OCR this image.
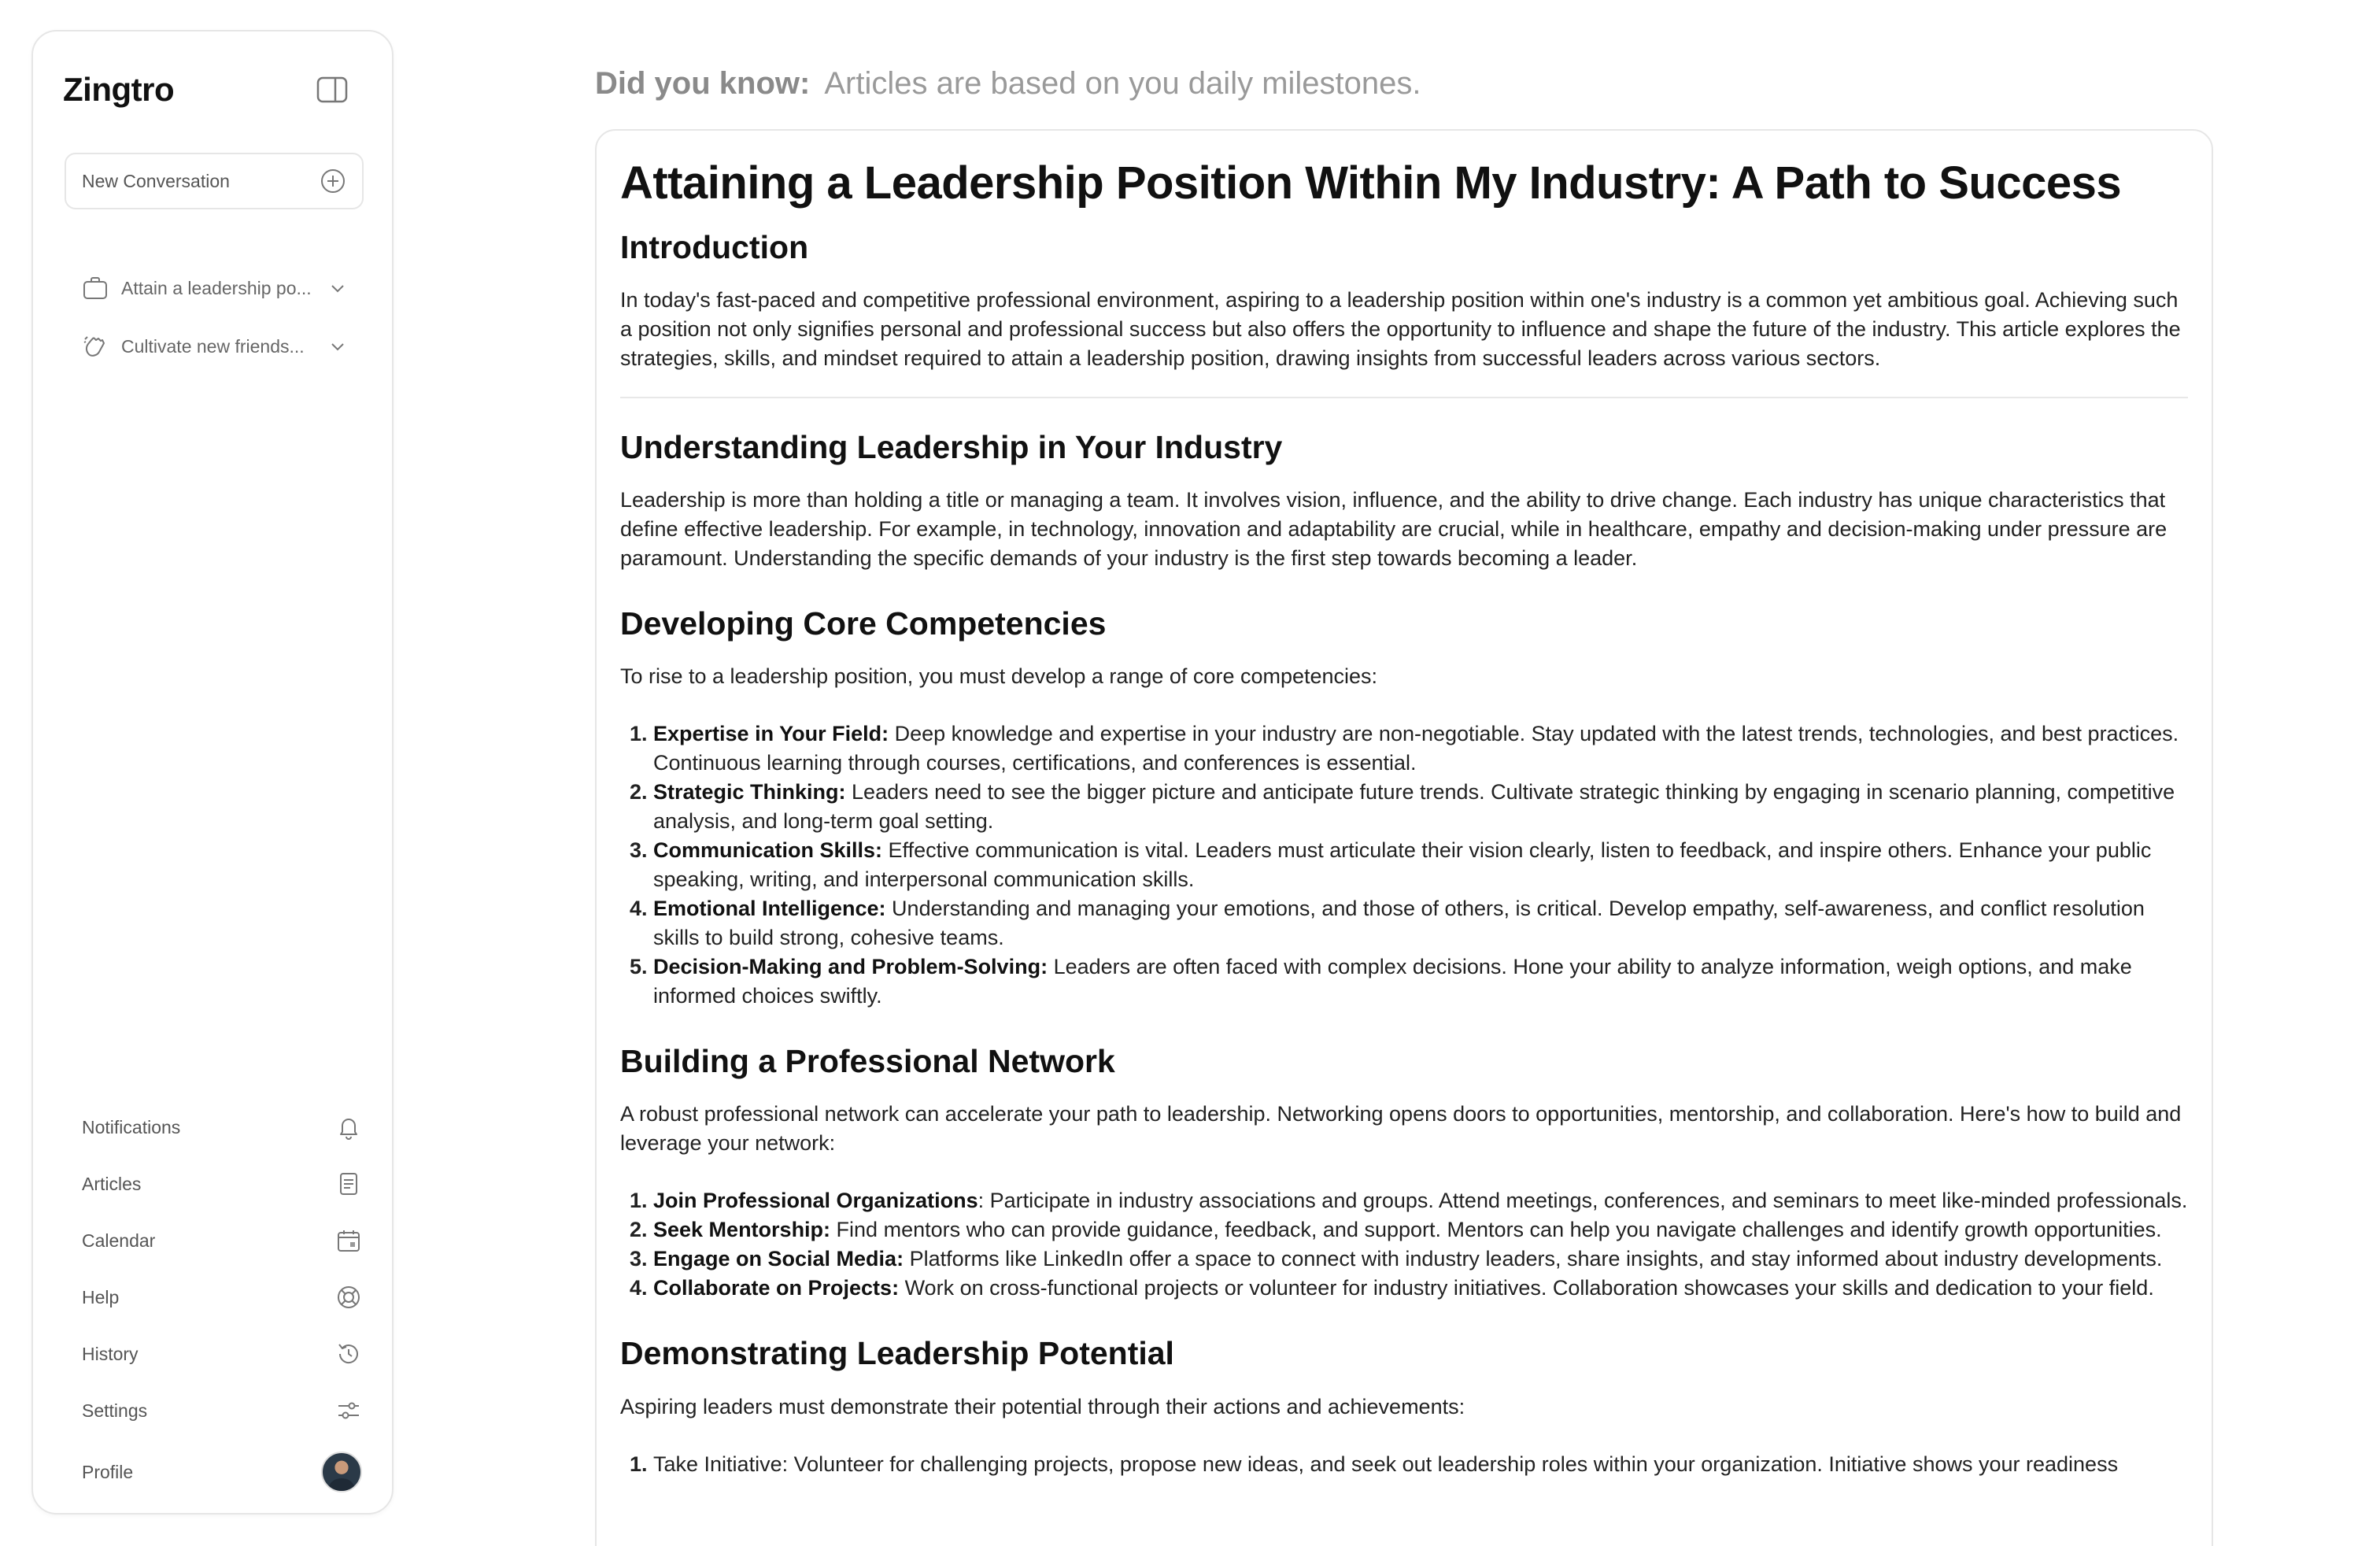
Zingtro
New Conversation
Attain a leadership po...
Cultivate new friends...
Notifications
Articles
Calendar
Help
History
Settings
Profile
Did you know: Articles are based on you daily milestones.
Attaining a Leadership Position Within My Industry: A Path to Success
Introduction

In today's fast-paced and competitive professional environment, aspiring to a leadership position within one's industry is a common yet ambitious goal. Achieving such a position not only signifies personal and professional success but also offers the opportunity to influence and shape the future of the industry. This article explores the strategies, skills, and mindset required to attain a leadership position, drawing insights from successful leaders across various sectors.

Understanding Leadership in Your Industry

Leadership is more than holding a title or managing a team. It involves vision, influence, and the ability to drive change. Each industry has unique characteristics that define effective leadership. For example, in technology, innovation and adaptability are crucial, while in healthcare, empathy and decision-making under pressure are paramount. Understanding the specific demands of your industry is the first step towards becoming a leader.

Developing Core Competencies

To rise to a leadership position, you must develop a range of core competencies:

1. Expertise in Your Field: Deep knowledge and expertise in your industry are non-negotiable. Stay updated with the latest trends, technologies, and best practices. Continuous learning through courses, certifications, and conferences is essential.
2. Strategic Thinking: Leaders need to see the bigger picture and anticipate future trends. Cultivate strategic thinking by engaging in scenario planning, competitive analysis, and long-term goal setting.
3. Communication Skills: Effective communication is vital. Leaders must articulate their vision clearly, listen to feedback, and inspire others. Enhance your public speaking, writing, and interpersonal communication skills.
4. Emotional Intelligence: Understanding and managing your emotions, and those of others, is critical. Develop empathy, self-awareness, and conflict resolution skills to build strong, cohesive teams.
5. Decision-Making and Problem-Solving: Leaders are often faced with complex decisions. Hone your ability to analyze information, weigh options, and make informed choices swiftly.
Building a Professional Network

A robust professional network can accelerate your path to leadership. Networking opens doors to opportunities, mentorship, and collaboration. Here's how to build and leverage your network:

1. Join Professional Organizations: Participate in industry associations and groups. Attend meetings, conferences, and seminars to meet like-minded professionals.
2. Seek Mentorship: Find mentors who can provide guidance, feedback, and support. Mentors can help you navigate challenges and identify growth opportunities.
3. Engage on Social Media: Platforms like LinkedIn offer a space to connect with industry leaders, share insights, and stay informed about industry developments.
4. Collaborate on Projects: Work on cross-functional projects or volunteer for industry initiatives. Collaboration showcases your skills and dedication to your field.
Demonstrating Leadership Potential

Aspiring leaders must demonstrate their potential through their actions and achievements:

1. Take Initiative: Volunteer for challenging projects, propose new ideas, and seek out leadership roles within your organization. Initiative shows your readiness
